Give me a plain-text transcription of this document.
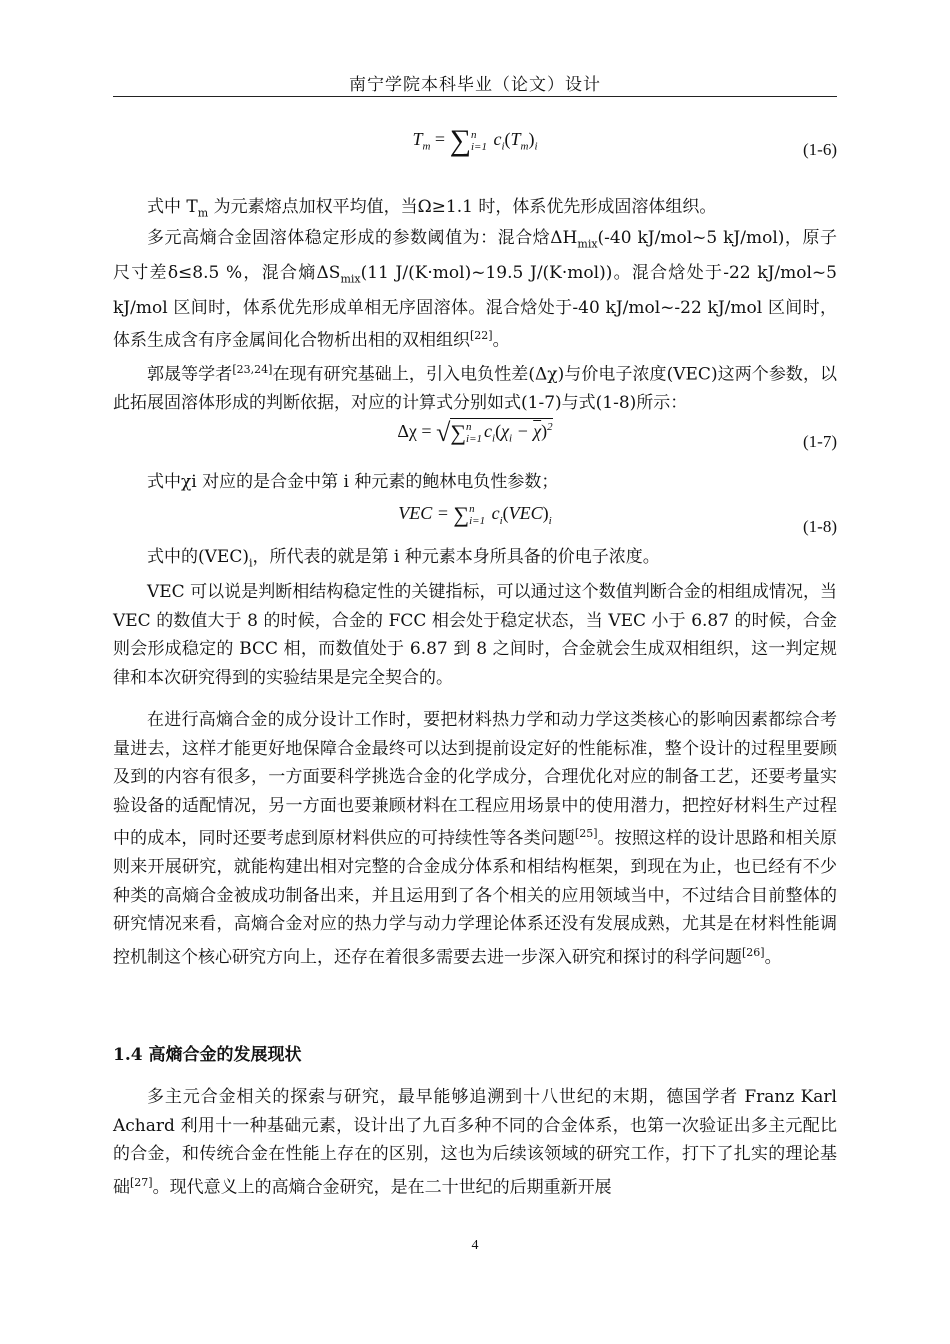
南宁学院本科毕业（论文）设计
$T_m = \sum n$
i=1 $c_i(T_m)_i$	(1-6)
式中 $T_m$ 为元素熔点加权平均值，当Ω≥1.1 时，体系优先形成固溶体组织。
多元高熵合金固溶体稳定形成的参数阈值为：混合焓$\Delta H_{mix}(-40$ kJ/mol~5 kJ/mol)，原子尺寸差δ≤8.5 %，混合熵$\Delta S_{mix}(11$ J/(K·mol)~19.5 J/(K·mol))。混合焓处于-22 kJ/mol~5 kJ/mol 区间时，体系优先形成单相无序固溶体。混合焓处于-40 kJ/mol~-22 kJ/mol 区间时，体系生成含有序金属间化合物析出相的双相组织[22]。
郭晟等学者[23,24]在现有研究基础上，引入电负性差(Δχ)与价电子浓度(VEC)这两个参数，以此拓展固溶体形成的判断依据，对应的计算式分别如式(1-7)与式(1-8)所示：
Δχ = √∑n
i=1 $c_i(\chi_i - \overline{\chi})^2$
(1-7)
式中χi 对应的是合金中第 i 种元素的鲍林电负性参数；
VEC = ∑n
i=1 $c_i(VEC)_i$	(1-8)
式中的$(VEC)_i$，所代表的就是第 i 种元素本身所具备的价电子浓度。
VEC 可以说是判断相结构稳定性的关键指标，可以通过这个数值判断合金的相组成情况，当 VEC 的数值大于 8 的时候，合金的 FCC 相会处于稳定状态，当 VEC 小于 6.87 的时候，合金则会形成稳定的 BCC 相，而数值处于 6.87 到 8 之间时，合金就会生成双相组织，这一判定规律和本次研究得到的实验结果是完全契合的。
在进行高熵合金的成分设计工作时，要把材料热力学和动力学这类核心的影响因素都综合考量进去，这样才能更好地保障合金最终可以达到提前设定好的性能标准，整个设计的过程里要顾及到的内容有很多，一方面要科学挑选合金的化学成分，合理优化对应的制备工艺，还要考量实验设备的适配情况，另一方面也要兼顾材料在工程应用场景中的使用潜力，把控好材料生产过程中的成本，同时还要考虑到原材料供应的可持续性等各类问题[25]。按照这样的设计思路和相关原则来开展研究，就能构建出相对完整的合金成分体系和相结构框架，到现在为止，也已经有不少种类的高熵合金被成功制备出来，并且运用到了各个相关的应用领域当中，不过结合目前整体的研究情况来看，高熵合金对应的热力学与动力学理论体系还没有发展成熟，尤其是在材料性能调控机制这个核心研究方向上，还存在着很多需要去进一步深入研究和探讨的科学问题[26]。
1.4 高熵合金的发展现状
多主元合金相关的探索与研究，最早能够追溯到十八世纪的末期，德国学者 Franz Karl Achard 利用十一种基础元素，设计出了九百多种不同的合金体系，也第一次验证出多主元配比的合金，和传统合金在性能上存在的区别，这也为后续该领域的研究工作，打下了扎实的理论基础[27]。现代意义上的高熵合金研究，是在二十世纪的后期重新开展
4
